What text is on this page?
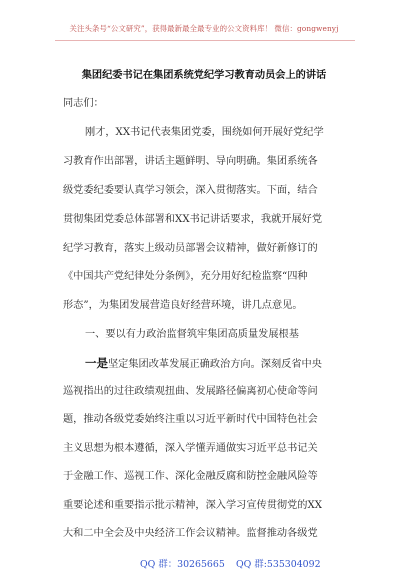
关注头条号“公文研究”，获得最新最全最专业的公文资料库！ 微信：gongwenyj
集团纪委书记在集团系统党纪学习教育动员会上的讲话
同志们：
刚才，XX书记代表集团党委，围绕如何开展好党纪学
习教育作出部署，讲话主题鲜明、导向明确。集团系统各
级党委纪委要认真学习领会，深入贯彻落实。下面，结合
贯彻集团党委总体部署和XX书记讲话要求，我就开展好党
纪学习教育，落实上级动员部署会议精神，做好新修订的
《中国共产党纪律处分条例》，充分用好纪检监察“四种
形态”，为集团发展营造良好经营环境，讲几点意见。
一、要以有力政治监督筑牢集团高质量发展根基
一是坚定集团改革发展正确政治方向。深刻反省中央
巡视指出的过往政绩观扭曲、发展路径偏离初心使命等问
题，推动各级党委始终注重以习近平新时代中国特色社会
主义思想为根本遵循，深入学懂弄通做实习近平总书记关
于金融工作、巡视工作、深化金融反腐和防控金融风险等
重要论述和重要指示批示精神，深入学习宣传贯彻党的XX
大和二中全会及中央经济工作会议精神。监督推动各级党
QQ 群：30265665 QQ 群:535304092
